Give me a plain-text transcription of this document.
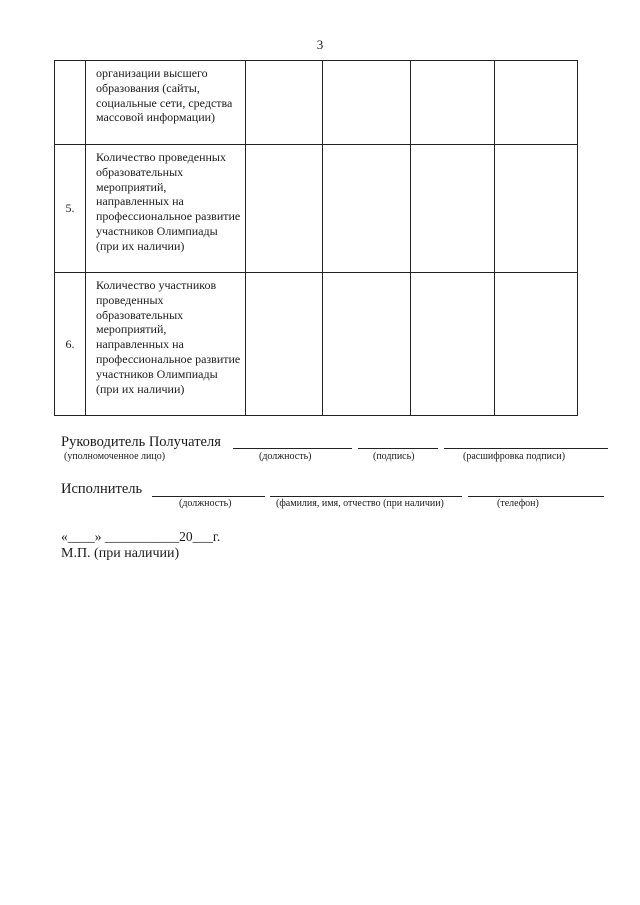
3
	организации высшего образования (сайты, социальные сети, средства массовой информации)				
5.	Количество проведенных образовательных мероприятий, направленных на профессиональное развитие участников Олимпиады (при их наличии)				
6.	Количество участников проведенных образовательных мероприятий, направленных на профессиональное развитие участников Олимпиады (при их наличии)				
Руководитель Получателя
(уполномоченное лицо)	(должность)	(подпись)	(расшифровка подписи)
Исполнитель
(должность)	(фамилия, имя, отчество (при наличии)	(телефон)
«____» ___________20___г.
М.П. (при наличии)
